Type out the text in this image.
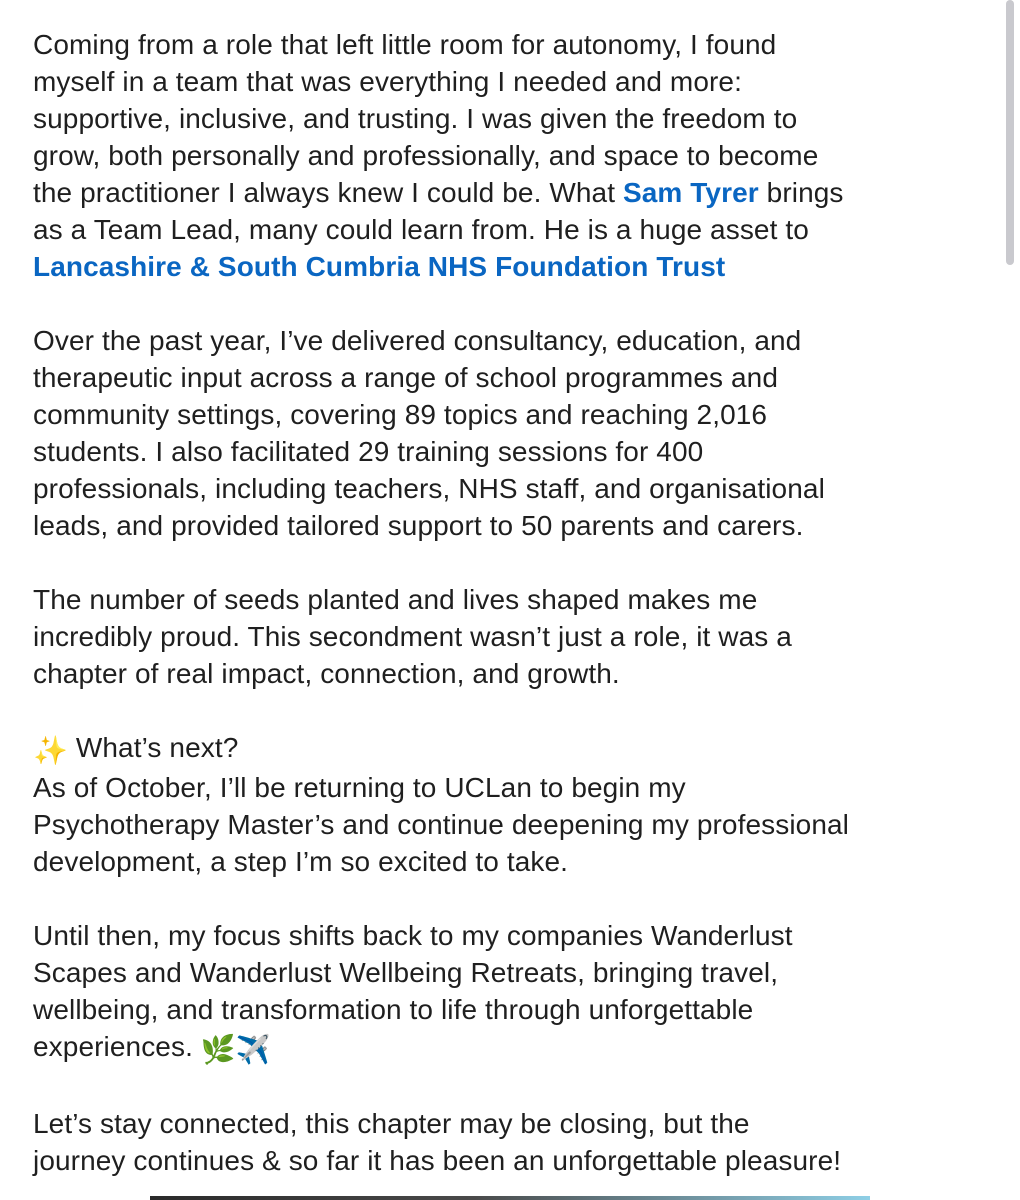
Coming from a role that left little room for autonomy, I found
myself in a team that was everything I needed and more:
supportive, inclusive, and trusting. I was given the freedom to
grow, both personally and professionally, and space to become
the practitioner I always knew I could be. What Sam Tyrer brings
as a Team Lead, many could learn from. He is a huge asset to
Lancashire & South Cumbria NHS Foundation Trust

Over the past year, I’ve delivered consultancy, education, and
therapeutic input across a range of school programmes and
community settings, covering 89 topics and reaching 2,016
students. I also facilitated 29 training sessions for 400
professionals, including teachers, NHS staff, and organisational
leads, and provided tailored support to 50 parents and carers.

The number of seeds planted and lives shaped makes me
incredibly proud. This secondment wasn’t just a role, it was a
chapter of real impact, connection, and growth.

✨ What’s next?
As of October, I’ll be returning to UCLan to begin my
Psychotherapy Master’s and continue deepening my professional
development, a step I’m so excited to take.

Until then, my focus shifts back to my companies Wanderlust
Scapes and Wanderlust Wellbeing Retreats, bringing travel,
wellbeing, and transformation to life through unforgettable
experiences. 🌿✈️

Let’s stay connected, this chapter may be closing, but the
journey continues & so far it has been an unforgettable pleasure!
